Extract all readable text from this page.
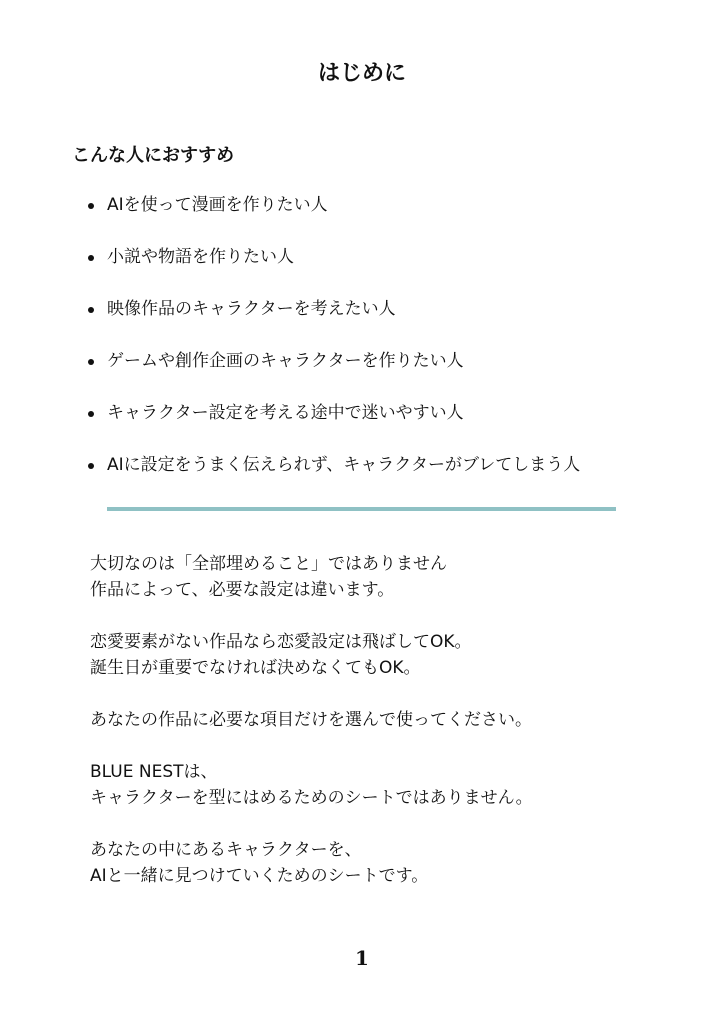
はじめに
こんな人におすすめ
AIを使って漫画を作りたい人
小説や物語を作りたい人
映像作品のキャラクターを考えたい人
ゲームや創作企画のキャラクターを作りたい人
キャラクター設定を考える途中で迷いやすい人
AIに設定をうまく伝えられず、キャラクターがブレてしまう人

大切なのは「全部埋めること」ではありません
作品によって、必要な設定は違います。

恋愛要素がない作品なら恋愛設定は飛ばしてOK。
誕生日が重要でなければ決めなくてもOK。

あなたの作品に必要な項目だけを選んで使ってください。

BLUE NESTは、
キャラクターを型にはめるためのシートではありません。

あなたの中にあるキャラクターを、
AIと一緒に見つけていくためのシートです。

1
